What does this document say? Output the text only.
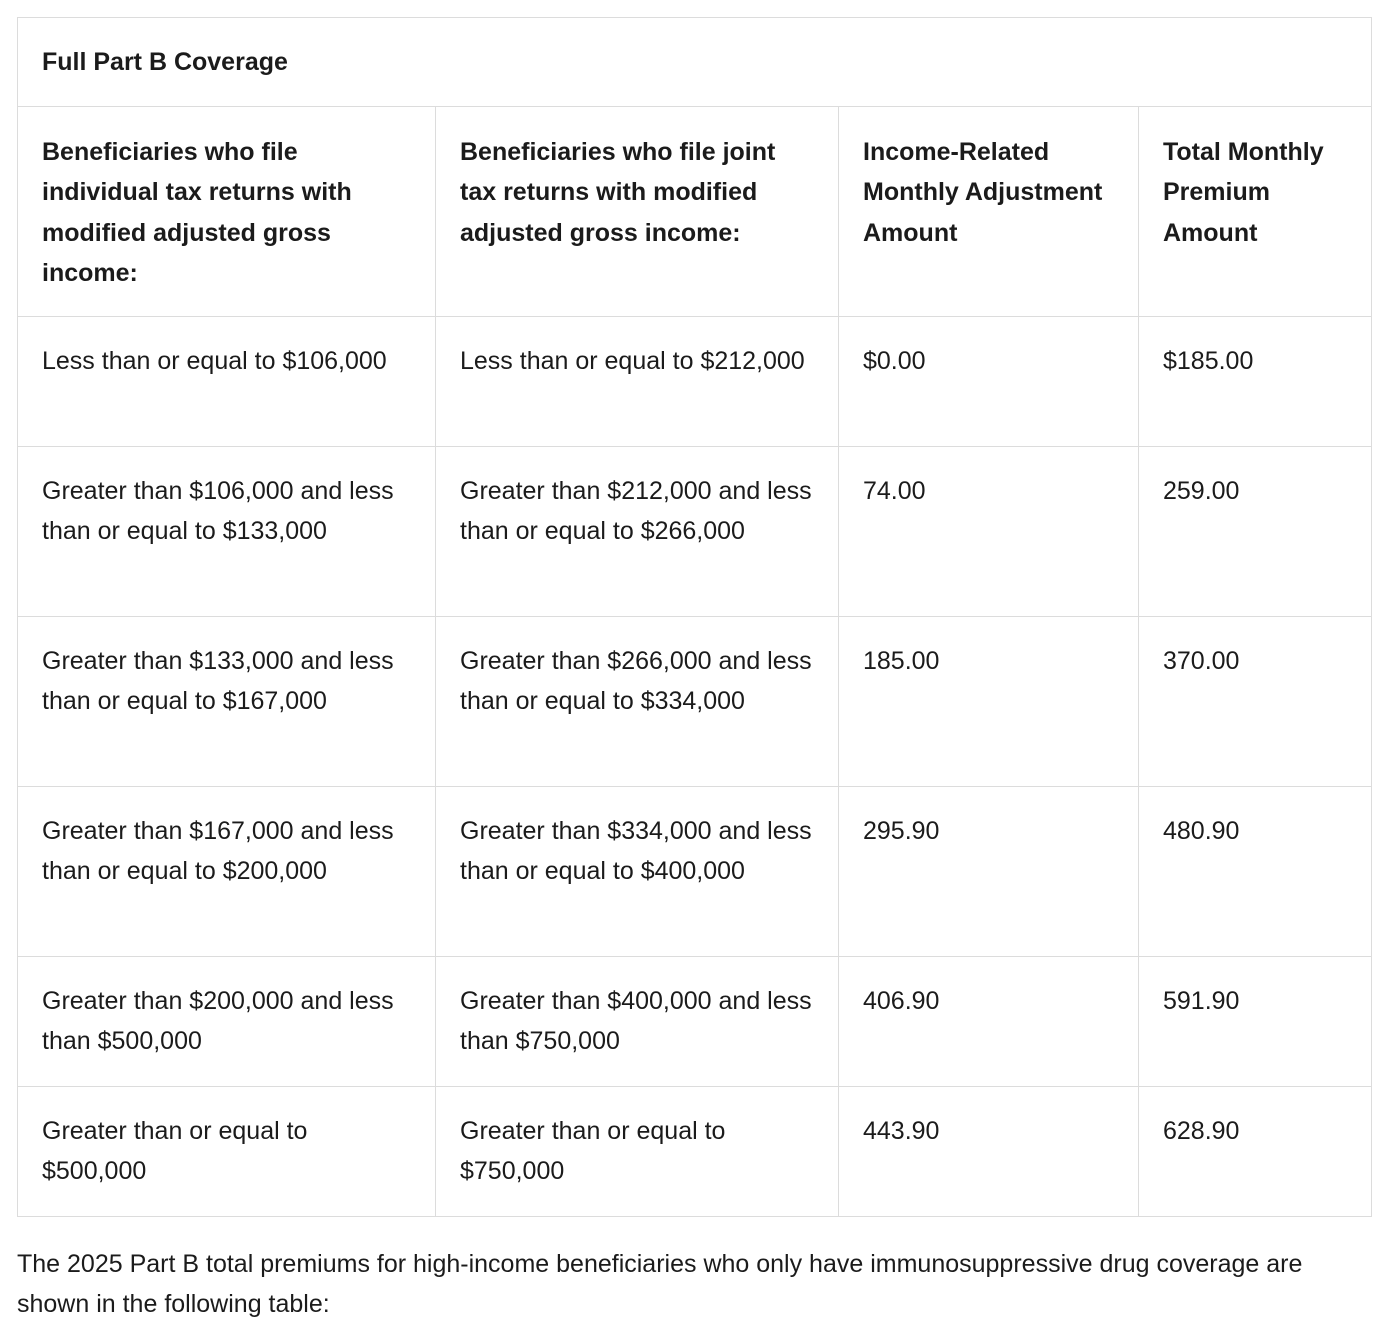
Full Part B Coverage			
Beneficiaries who file individual tax returns with modified adjusted gross income:	Beneficiaries who file joint tax returns with modified adjusted gross income:	Income-Related Monthly Adjustment Amount	Total Monthly Premium Amount
Less than or equal to $106,000	Less than or equal to $212,000	$0.00	$185.00
Greater than $106,000 and less than or equal to $133,000	Greater than $212,000 and less than or equal to $266,000	74.00	259.00
Greater than $133,000 and less than or equal to $167,000	Greater than $266,000 and less than or equal to $334,000	185.00	370.00
Greater than $167,000 and less than or equal to $200,000	Greater than $334,000 and less than or equal to $400,000	295.90	480.90
Greater than $200,000 and less than $500,000	Greater than $400,000 and less than $750,000	406.90	591.90
Greater than or equal to $500,000	Greater than or equal to $750,000	443.90	628.90

The 2025 Part B total premiums for high-income beneficiaries who only have immunosuppressive drug coverage are shown in the following table:
